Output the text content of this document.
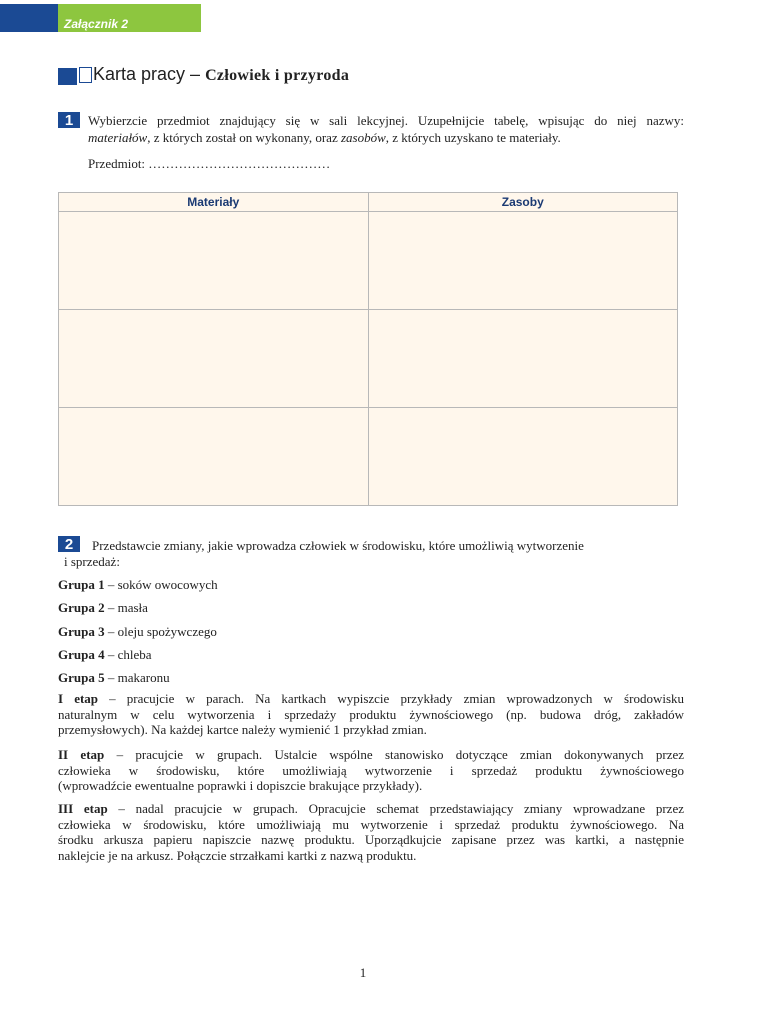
Załącznik 2
Karta pracy – Człowiek i przyroda
1	Wybierzcie przedmiot znajdujący się w sali lekcyjnej. Uzupełnijcie tabelę, wpisując do niej nazwy:
materiałów, z których został on wykonany, oraz zasobów, z których uzyskano te materiały.
Przedmiot: ……………………………………
Materiały	Zasoby

2	Przedstawcie zmiany, jakie wprowadza człowiek w środowisku, które umożliwią wytworzenie
i sprzedaż:
Grupa 1 – soków owocowych
Grupa 2 – masła
Grupa 3 – oleju spożywczego
Grupa 4 – chleba
Grupa 5 – makaronu
I etap – pracujcie w parach. Na kartkach wypiszcie przykłady zmian wprowadzonych w środowisku
naturalnym w celu wytworzenia i sprzedaży produktu żywnościowego (np. budowa dróg, zakładów
przemysłowych). Na każdej kartce należy wymienić 1 przykład zmian.
II etap – pracujcie w grupach. Ustalcie wspólne stanowisko dotyczące zmian dokonywanych przez
człowieka w środowisku, które umożliwiają wytworzenie i sprzedaż produktu żywnościowego
(wprowadźcie ewentualne poprawki i dopiszcie brakujące przykłady).
III etap – nadal pracujcie w grupach. Opracujcie schemat przedstawiający zmiany wprowadzane przez
człowieka w środowisku, które umożliwiają mu wytworzenie i sprzedaż produktu żywnościowego. Na
środku arkusza papieru napiszcie nazwę produktu. Uporządkujcie zapisane przez was kartki, a następnie
naklejcie je na arkusz. Połączcie strzałkami kartki z nazwą produktu.
1
